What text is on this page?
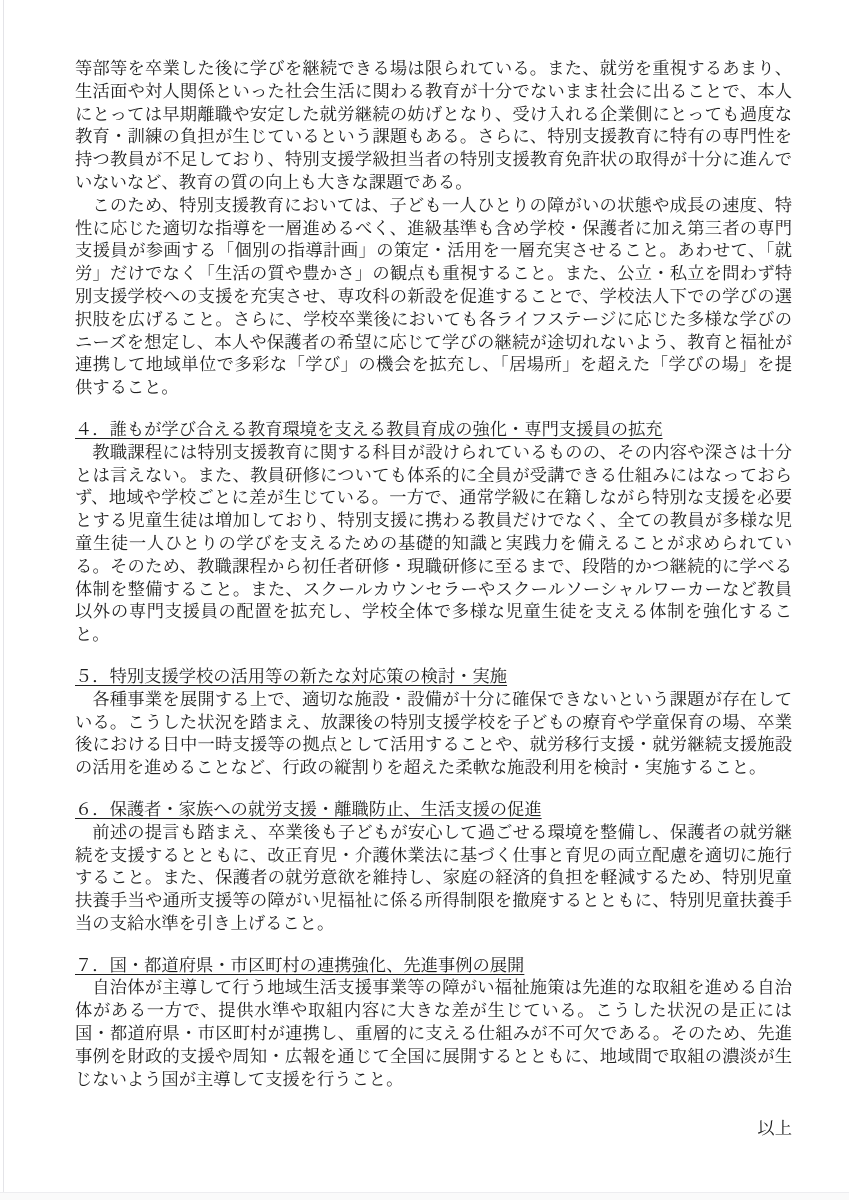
等部等を卒業した後に学びを継続できる場は限られている。また、就労を重視するあまり、生活面や対人関係といった社会生活に関わる教育が十分でないまま社会に出ることで、本人にとっては早期離職や安定した就労継続の妨げとなり、受け入れる企業側にとっても過度な教育・訓練の負担が生じているという課題もある。さらに、特別支援教育に特有の専門性を持つ教員が不足しており、特別支援学級担当者の特別支援教育免許状の取得が十分に進んでいないなど、教育の質の向上も大きな課題である。

このため、特別支援教育においては、子ども一人ひとりの障がいの状態や成長の速度、特性に応じた適切な指導を一層進めるべく、進級基準も含め学校・保護者に加え第三者の専門支援員が参画する「個別の指導計画」の策定・活用を一層充実させること。あわせて、「就労」だけでなく「生活の質や豊かさ」の観点も重視すること。また、公立・私立を問わず特別支援学校への支援を充実させ、専攻科の新設を促進することで、学校法人下での学びの選択肢を広げること。さらに、学校卒業後においても各ライフステージに応じた多様な学びのニーズを想定し、本人や保護者の希望に応じて学びの継続が途切れないよう、教育と福祉が連携して地域単位で多彩な「学び」の機会を拡充し、「居場所」を超えた「学びの場」を提供すること。

４．誰もが学び合える教育環境を支える教員育成の強化・専門支援員の拡充

教職課程には特別支援教育に関する科目が設けられているものの、その内容や深さは十分とは言えない。また、教員研修についても体系的に全員が受講できる仕組みにはなっておらず、地域や学校ごとに差が生じている。一方で、通常学級に在籍しながら特別な支援を必要とする児童生徒は増加しており、特別支援に携わる教員だけでなく、全ての教員が多様な児童生徒一人ひとりの学びを支えるための基礎的知識と実践力を備えることが求められている。そのため、教職課程から初任者研修・現職研修に至るまで、段階的かつ継続的に学べる体制を整備すること。また、スクールカウンセラーやスクールソーシャルワーカーなど教員以外の専門支援員の配置を拡充し、学校全体で多様な児童生徒を支える体制を強化すること。

５．特別支援学校の活用等の新たな対応策の検討・実施

各種事業を展開する上で、適切な施設・設備が十分に確保できないという課題が存在している。こうした状況を踏まえ、放課後の特別支援学校を子どもの療育や学童保育の場、卒業後における日中一時支援等の拠点として活用することや、就労移行支援・就労継続支援施設の活用を進めることなど、行政の縦割りを超えた柔軟な施設利用を検討・実施すること。

６．保護者・家族への就労支援・離職防止、生活支援の促進

前述の提言も踏まえ、卒業後も子どもが安心して過ごせる環境を整備し、保護者の就労継続を支援するとともに、改正育児・介護休業法に基づく仕事と育児の両立配慮を適切に施行すること。また、保護者の就労意欲を維持し、家庭の経済的負担を軽減するため、特別児童扶養手当や通所支援等の障がい児福祉に係る所得制限を撤廃するとともに、特別児童扶養手当の支給水準を引き上げること。

７．国・都道府県・市区町村の連携強化、先進事例の展開

自治体が主導して行う地域生活支援事業等の障がい福祉施策は先進的な取組を進める自治体がある一方で、提供水準や取組内容に大きな差が生じている。こうした状況の是正には国・都道府県・市区町村が連携し、重層的に支える仕組みが不可欠である。そのため、先進事例を財政的支援や周知・広報を通じて全国に展開するとともに、地域間で取組の濃淡が生じないよう国が主導して支援を行うこと。

以上
